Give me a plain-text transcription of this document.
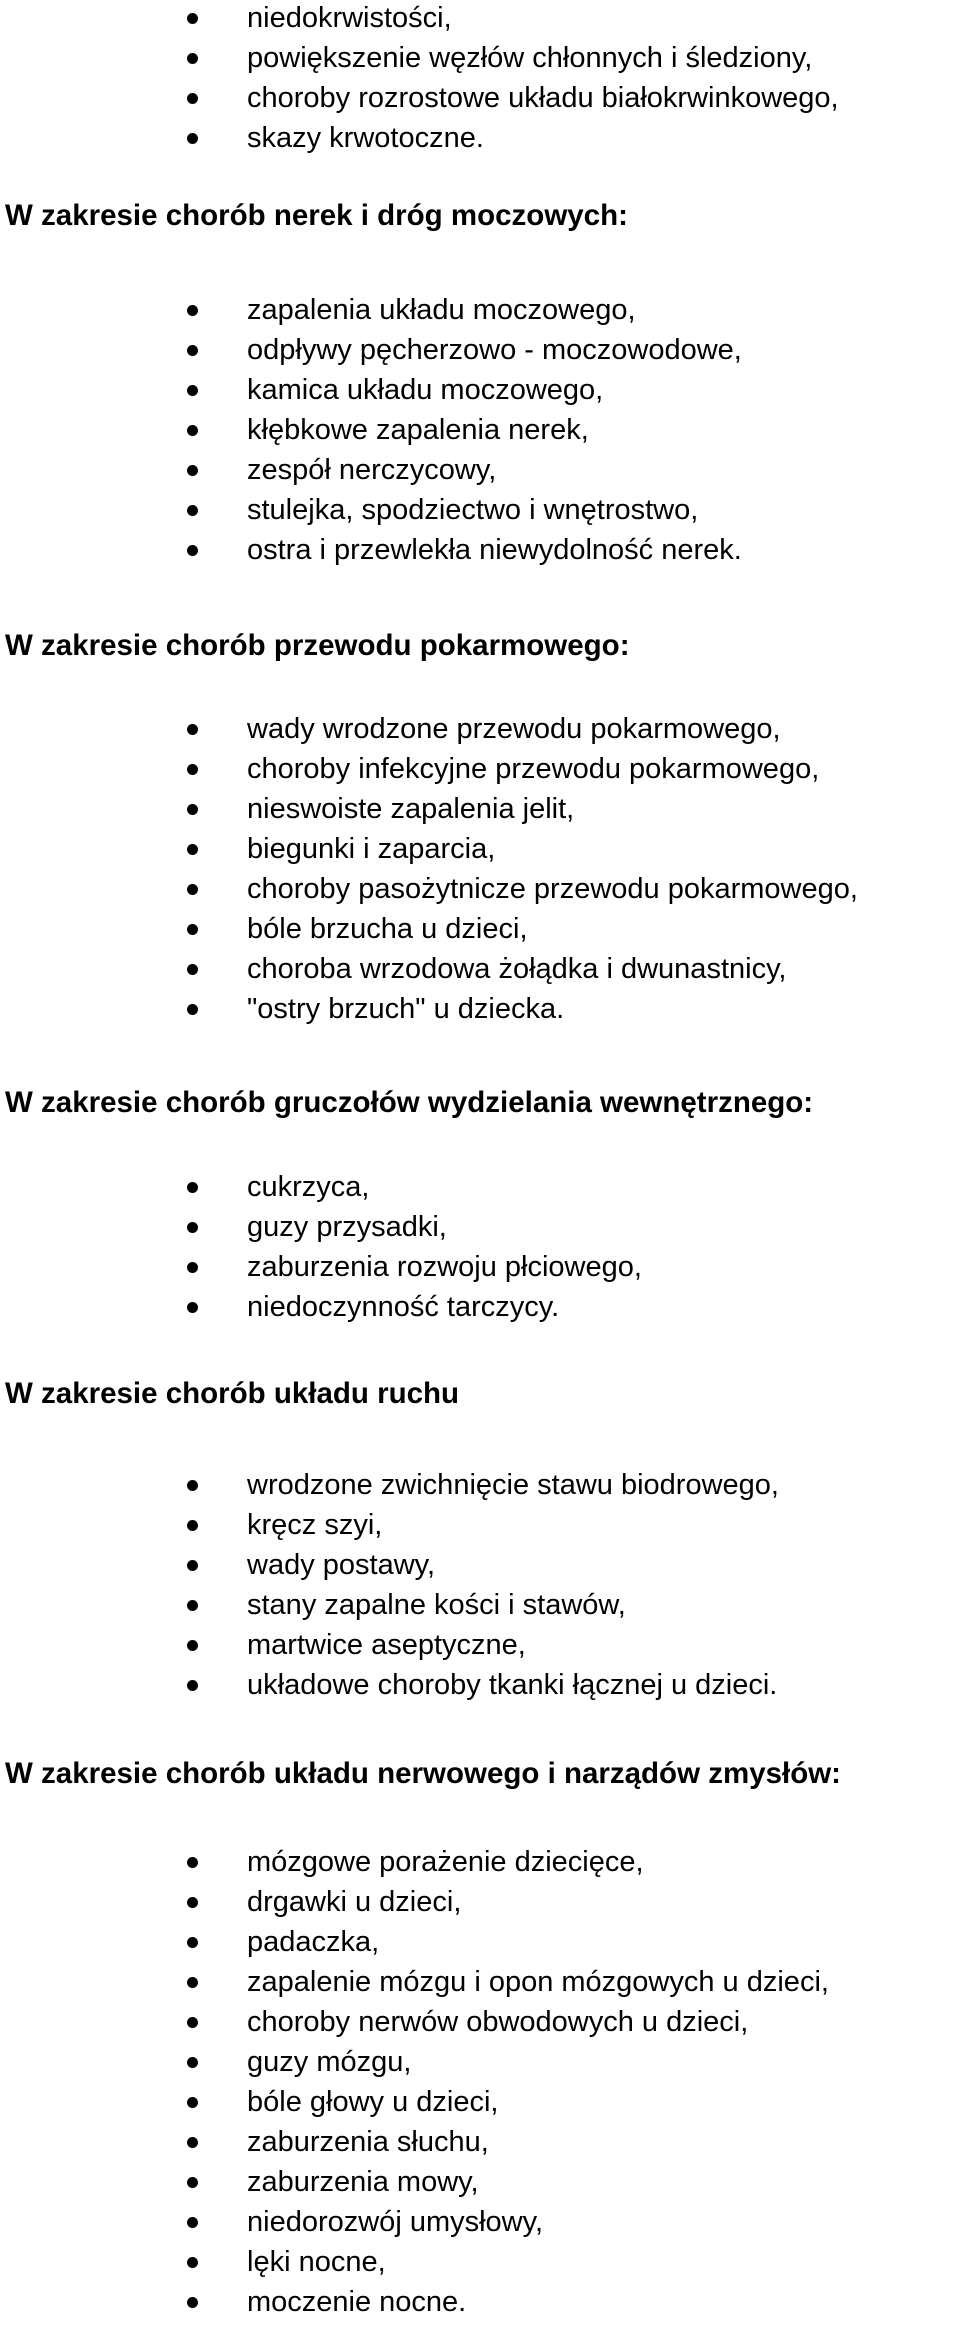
niedokrwistości,
powiększenie węzłów chłonnych i śledziony,
choroby rozrostowe układu białokrwinkowego,
skazy krwotoczne.
W zakresie chorób nerek i dróg moczowych:
zapalenia układu moczowego,
odpływy pęcherzowo - moczowodowe,
kamica układu moczowego,
kłębkowe zapalenia nerek,
zespół nerczycowy,
stulejka, spodziectwo i wnętrostwo,
ostra i przewlekła niewydolność nerek.
W zakresie chorób przewodu pokarmowego:
wady wrodzone przewodu pokarmowego,
choroby infekcyjne przewodu pokarmowego,
nieswoiste zapalenia jelit,
biegunki i zaparcia,
choroby pasożytnicze przewodu pokarmowego,
bóle brzucha u dzieci,
choroba wrzodowa żołądka i dwunastnicy,
"ostry brzuch" u dziecka.
W zakresie chorób gruczołów wydzielania wewnętrznego:
cukrzyca,
guzy przysadki,
zaburzenia rozwoju płciowego,
niedoczynność tarczycy.
W zakresie chorób układu ruchu
wrodzone zwichnięcie stawu biodrowego,
kręcz szyi,
wady postawy,
stany zapalne kości i stawów,
martwice aseptyczne,
układowe choroby tkanki łącznej u dzieci.
W zakresie chorób układu nerwowego i narządów zmysłów:
mózgowe porażenie dziecięce,
drgawki u dzieci,
padaczka,
zapalenie mózgu i opon mózgowych u dzieci,
choroby nerwów obwodowych u dzieci,
guzy mózgu,
bóle głowy u dzieci,
zaburzenia słuchu,
zaburzenia mowy,
niedorozwój umysłowy,
lęki nocne,
moczenie nocne.
